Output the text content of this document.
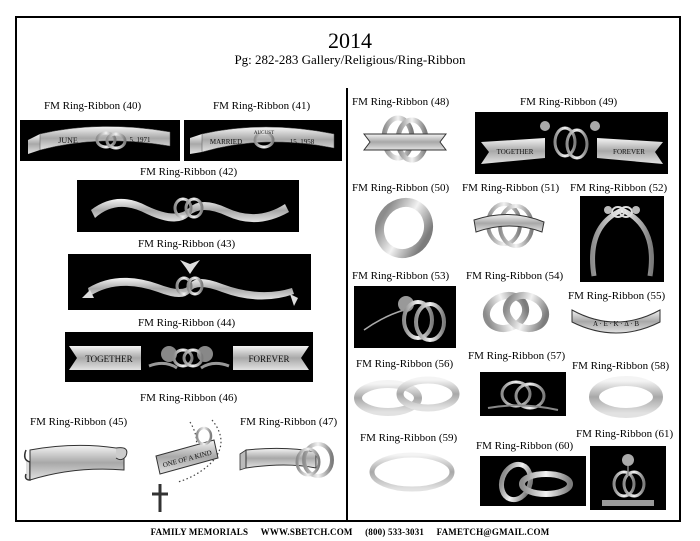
2014
Pg: 282-283 Gallery/Religious/Ring-Ribbon
FM Ring-Ribbon (40)
JUNE	5, 1971
FM Ring-Ribbon (41)
MARRIED
AUGUST
15, 1958
FM Ring-Ribbon (42)
FM Ring-Ribbon (43)
FM Ring-Ribbon (44)
TOGETHER	FOREVER
FM Ring-Ribbon (46)
FM Ring-Ribbon (45)
ONE OF A KIND
FM Ring-Ribbon (47)
FM Ring-Ribbon (48)	FM Ring-Ribbon (49)
TOGETHER	FOREVER
FM Ring-Ribbon (50) FM Ring-Ribbon (51) FM Ring-Ribbon (52)
FM Ring-Ribbon (53) FM Ring-Ribbon (54)
FM Ring-Ribbon (55)
A · E · K · Δ · B
FM Ring-Ribbon (56)
FM Ring-Ribbon (57)
FM Ring-Ribbon (58)
FM Ring-Ribbon (59)
FM Ring-Ribbon (60)
FM Ring-Ribbon (61)
FAMILY MEMORIALS WWW.SBETCH.COM (800) 533-3031 FAMETCH@GMAIL.COM
